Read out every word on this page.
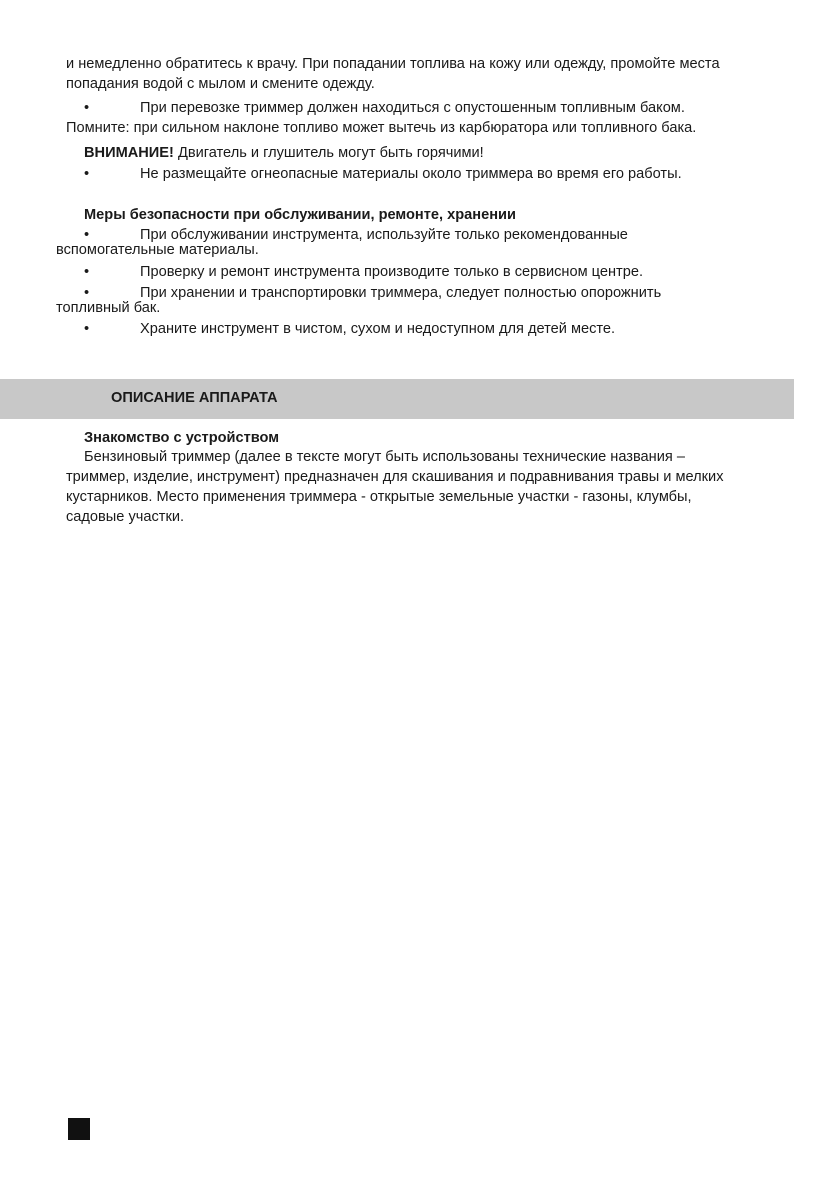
и немедленно обратитесь к врачу. При попадании топлива на кожу или одежду, промойте места
попадания водой с мылом и смените одежду.
•	При перевозке триммер должен находиться с опустошенным топливным баком.
Помните: при сильном наклоне топливо может вытечь из карбюратора или топливного бака.
ВНИМАНИЕ! Двигатель и глушитель могут быть горячими!
•	Не размещайте огнеопасные материалы около триммера во время его работы.
Меры безопасности при обслуживании, ремонте, хранении
•	При обслуживании инструмента, используйте только рекомендованные
вспомогательные материалы.
•	Проверку и ремонт инструмента производите только в сервисном центре.
•	При хранении и транспортировки триммера, следует полностью опорожнить
топливный бак.
•	Храните инструмент в чистом, сухом и недоступном для детей месте.
ОПИСАНИЕ АППАРАТА
Знакомство с устройством
Бензиновый триммер (далее в тексте могут быть использованы технические названия –
триммер, изделие, инструмент) предназначен для скашивания и подравнивания травы и мелких
кустарников. Место применения триммера - открытые земельные участки - газоны, клумбы,
садовые участки.
